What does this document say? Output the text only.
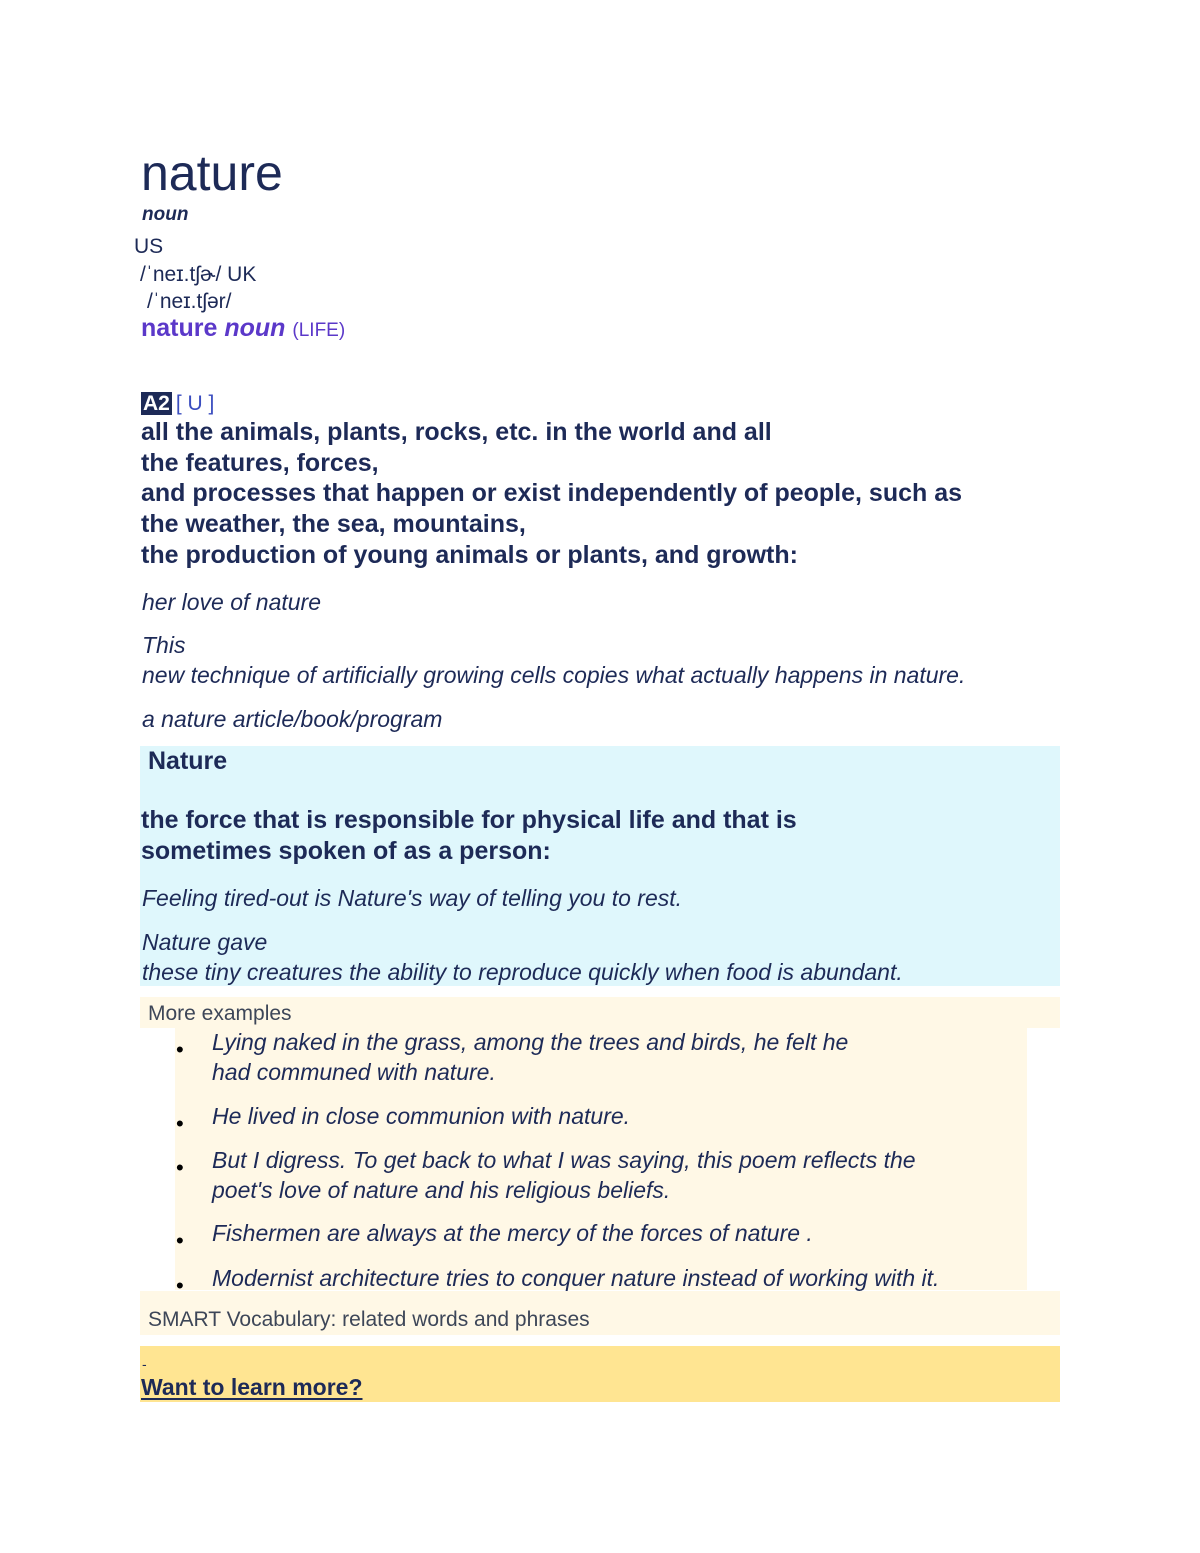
nature
noun
US
/ˈneɪ.tʃɚ/ UK
/ˈneɪ.tʃər/
nature noun (LIFE)
A2 [ U ]
all the animals, plants, rocks, etc. in the world and all
the features, forces,
and processes that happen or exist independently of people, such as
the weather, the sea, mountains,
the production of young animals or plants, and growth:
her love of nature
This
new technique of artificially growing cells copies what actually happens in nature.
a nature article/book/program
Nature
the force that is responsible for physical life and that is
sometimes spoken of as a person:
Feeling tired-out is Nature's way of telling you to rest.
Nature gave
these tiny creatures the ability to reproduce quickly when food is abundant.
More examples
• Lying naked in the grass, among the trees and birds, he felt he
had communed with nature.
• He lived in close communion with nature.
• But I digress. To get back to what I was saying, this poem reflects the
poet's love of nature and his religious beliefs.
• Fishermen are always at the mercy of the forces of nature .
• Modernist architecture tries to conquer nature instead of working with it.
SMART Vocabulary: related words and phrases
-
Want to learn more?
